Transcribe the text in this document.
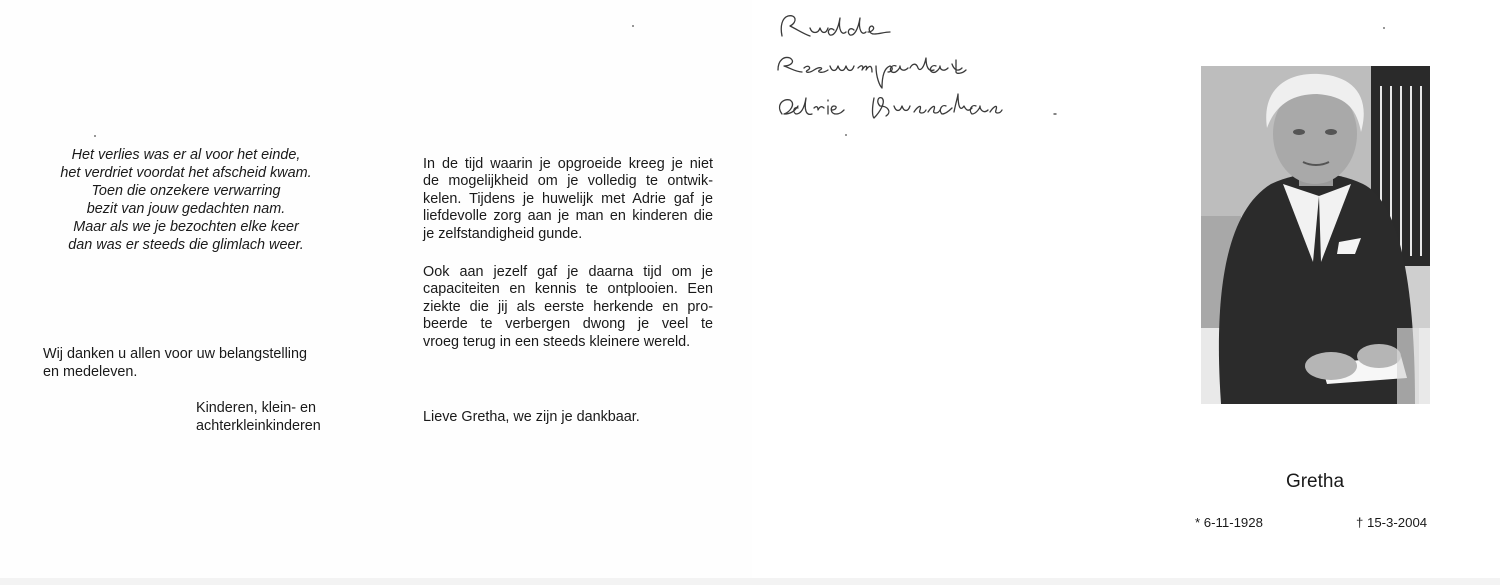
Het verlies was er al voor het einde,
het verdriet voordat het afscheid kwam.
Toen die onzekere verwarring
bezit van jouw gedachten nam.
Maar als we je bezochten elke keer
dan was er steeds die glimlach weer.
Wij danken u allen voor uw belangstelling
en medeleven.
Kinderen, klein- en
achterkleinkinderen
In de tijd waarin je opgroeide kreeg je niet
de mogelijkheid om je volledig te ontwik-
kelen. Tijdens je huwelijk met Adrie gaf je
liefdevolle zorg aan je man en kinderen die
je zelfstandigheid gunde.
Ook aan jezelf gaf je daarna tijd om je
capaciteiten en kennis te ontplooien. Een
ziekte die jij als eerste herkende en pro-
beerde te verbergen dwong je veel te
vroeg terug in een steeds kleinere wereld.
Lieve Gretha, we zijn je dankbaar.
Gretha
* 6-11-1928	† 15-3-2004
